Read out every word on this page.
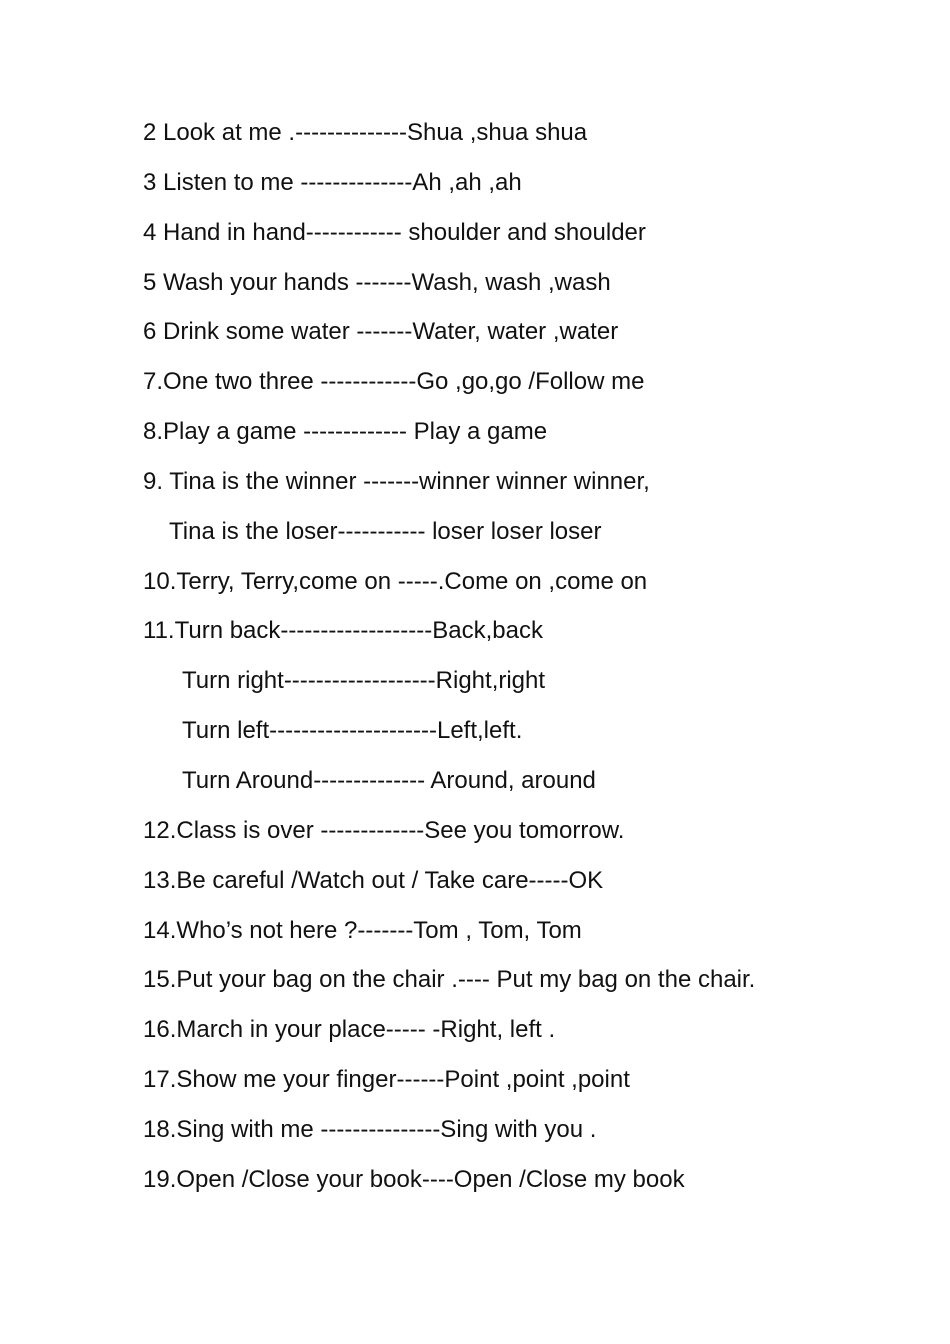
2 Look at me .--------------Shua ,shua shua
3 Listen to me --------------Ah ,ah ,ah
4 Hand in hand------------ shoulder and shoulder
5 Wash your hands -------Wash, wash ,wash
6 Drink some water -------Water, water ,water
7.One two three ------------Go ,go,go /Follow me
8.Play a game ------------- Play a game
9. Tina is the winner -------winner winner winner,
Tina is the loser----------- loser loser loser
10.Terry, Terry,come on -----.Come on ,come on
11.Turn back-------------------Back,back
Turn right-------------------Right,right
Turn left---------------------Left,left.
Turn Around-------------- Around, around
12.Class is over -------------See you tomorrow.
13.Be careful /Watch out / Take care-----OK
14.Who’s not here ?-------Tom , Tom, Tom
15.Put your bag on the chair .---- Put my bag on the chair.
16.March in your place----- -Right, left .
17.Show me your finger------Point ,point ,point
18.Sing with me ---------------Sing with you .
19.Open /Close your book----Open /Close my book
